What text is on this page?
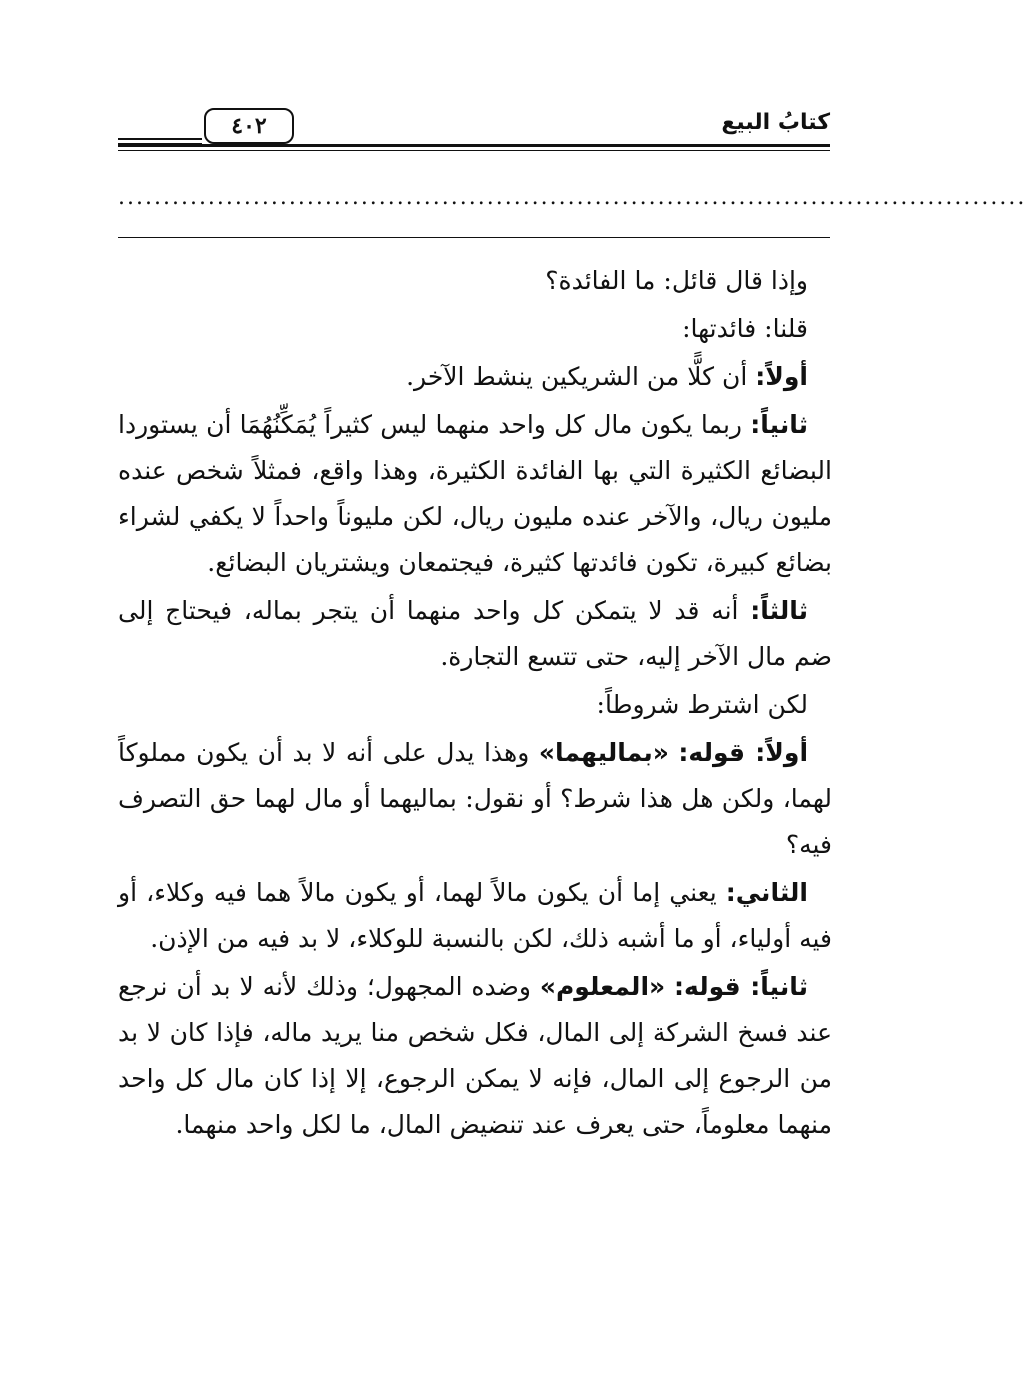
٤٠٢	كتابُ البيع
.....................................................................................................

وإذا قال قائل: ما الفائدة؟

قلنا: فائدتها:

أولاً: أن كلًّا من الشريكين ينشط الآخر.

ثانياً: ربما يكون مال كل واحد منهما ليس كثيراً يُمَكِّنُهُمَا أن يستوردا البضائع الكثيرة التي بها الفائدة الكثيرة، وهذا واقع، فمثلاً شخص عنده مليون ريال، والآخر عنده مليون ريال، لكن مليوناً واحداً لا يكفي لشراء بضائع كبيرة، تكون فائدتها كثيرة، فيجتمعان ويشتريان البضائع.

ثالثاً: أنه قد لا يتمكن كل واحد منهما أن يتجر بماله، فيحتاج إلى ضم مال الآخر إليه، حتى تتسع التجارة.

لكن اشترط شروطاً:

أولاً: قوله: «بماليهما» وهذا يدل على أنه لا بد أن يكون مملوكاً لهما، ولكن هل هذا شرط؟ أو نقول: بماليهما أو مال لهما حق التصرف فيه؟

الثاني: يعني إما أن يكون مالاً لهما، أو يكون مالاً هما فيه وكلاء، أو فيه أولياء، أو ما أشبه ذلك، لكن بالنسبة للوكلاء، لا بد فيه من الإذن.

ثانياً: قوله: «المعلوم» وضده المجهول؛ وذلك لأنه لا بد أن نرجع عند فسخ الشركة إلى المال، فكل شخص منا يريد ماله، فإذا كان لا بد من الرجوع إلى المال، فإنه لا يمكن الرجوع، إلا إذا كان مال كل واحد منهما معلوماً، حتى يعرف عند تنضيض المال، ما لكل واحد منهما.
